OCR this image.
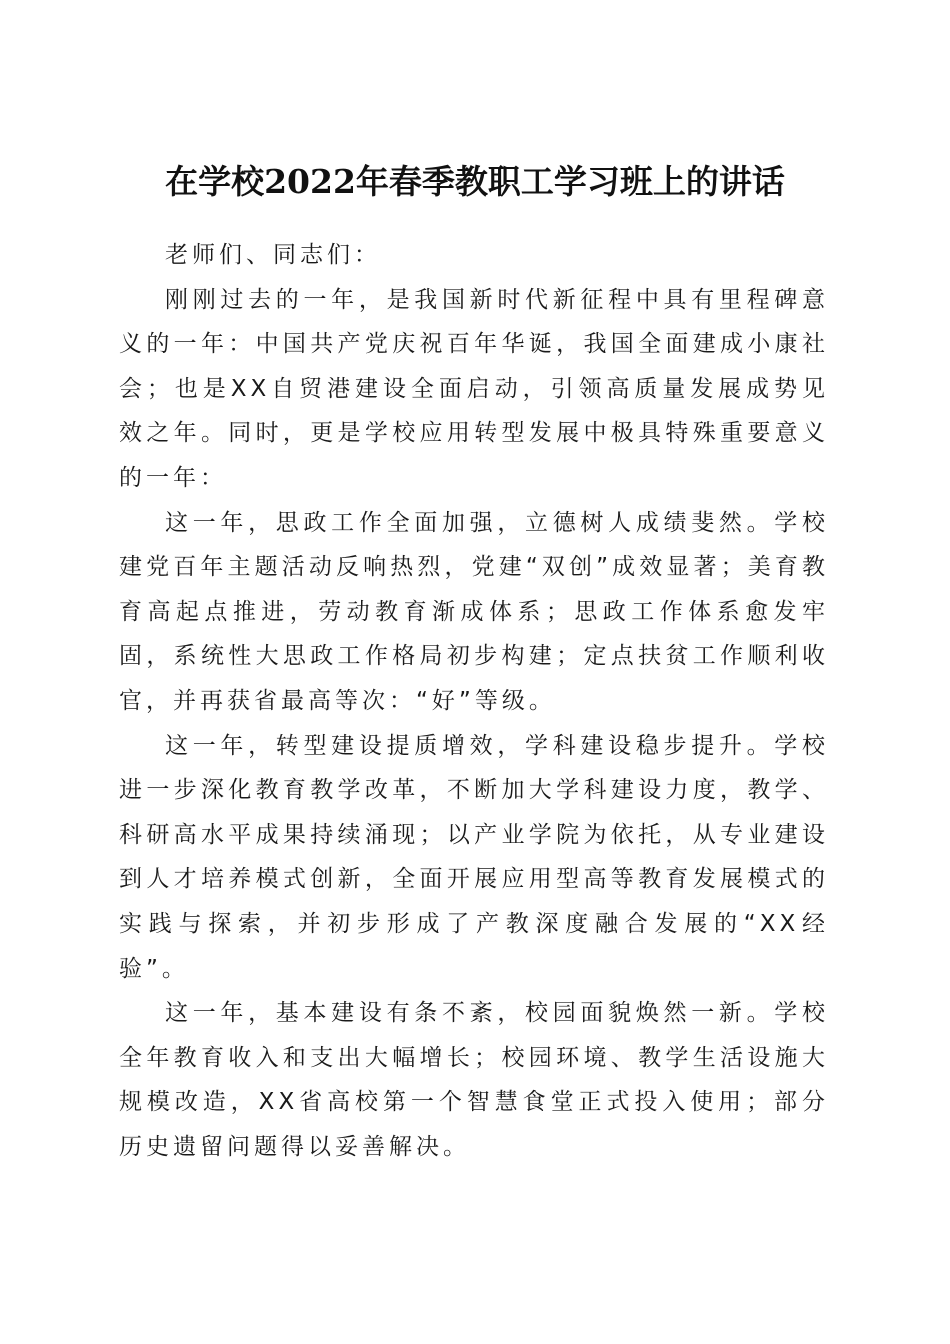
在学校2022年春季教职工学习班上的讲话

老师们、同志们：

刚刚过去的一年，是我国新时代新征程中具有里程碑意义的一年：中国共产党庆祝百年华诞，我国全面建成小康社会；也是XX自贸港建设全面启动，引领高质量发展成势见效之年。同时，更是学校应用转型发展中极具特殊重要意义的一年：

这一年，思政工作全面加强，立德树人成绩斐然。学校建党百年主题活动反响热烈，党建“双创”成效显著；美育教育高起点推进，劳动教育渐成体系；思政工作体系愈发牢固，系统性大思政工作格局初步构建；定点扶贫工作顺利收官，并再获省最高等次：“好”等级。

这一年，转型建设提质增效，学科建设稳步提升。学校进一步深化教育教学改革，不断加大学科建设力度，教学、科研高水平成果持续涌现；以产业学院为依托，从专业建设到人才培养模式创新，全面开展应用型高等教育发展模式的实践与探索，并初步形成了产教深度融合发展的“XX经验”。

这一年，基本建设有条不紊，校园面貌焕然一新。学校全年教育收入和支出大幅增长；校园环境、教学生活设施大规模改造，XX省高校第一个智慧食堂正式投入使用；部分历史遗留问题得以妥善解决。
